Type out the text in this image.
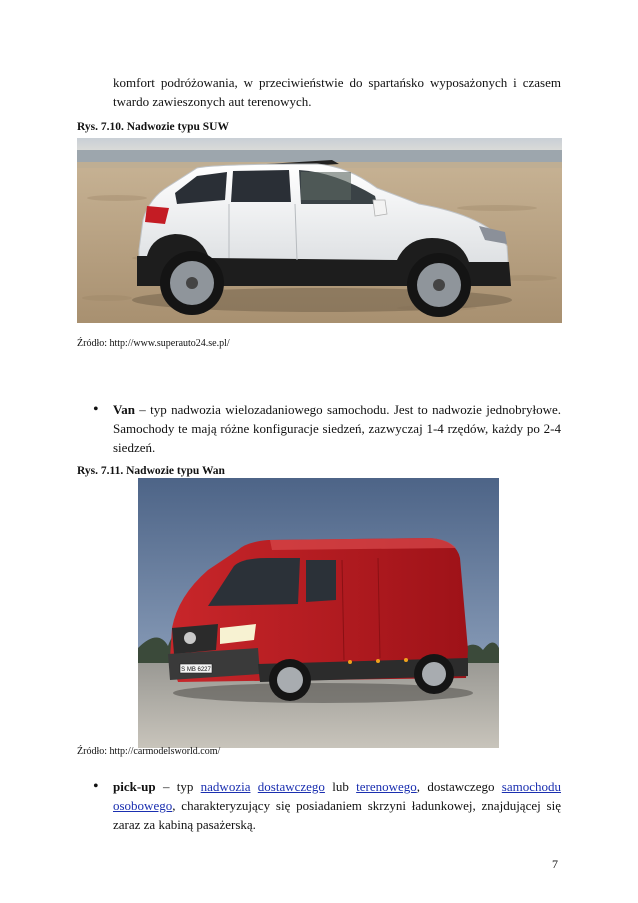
komfort podróżowania, w przeciwieństwie do spartańsko wyposażonych i czasem twardo zawieszonych aut terenowych.
Rys. 7.10. Nadwozie typu SUW
Źródło: http://www.superauto24.se.pl/
• Van – typ nadwozia wielozadaniowego samochodu. Jest to nadwozie jednobryłowe. Samochody te mają różne konfiguracje siedzeń, zazwyczaj 1-4 rzędów, każdy po 2-4 siedzeń.
Rys. 7.11. Nadwozie typu Wan
S MB 6227
Źródło: http://carmodelsworld.com/
• pick-up – typ nadwozia dostawczego lub terenowego, dostawczego samochodu osobowego, charakteryzujący się posiadaniem skrzyni ładunkowej, znajdującej się zaraz za kabiną pasażerską.
7
